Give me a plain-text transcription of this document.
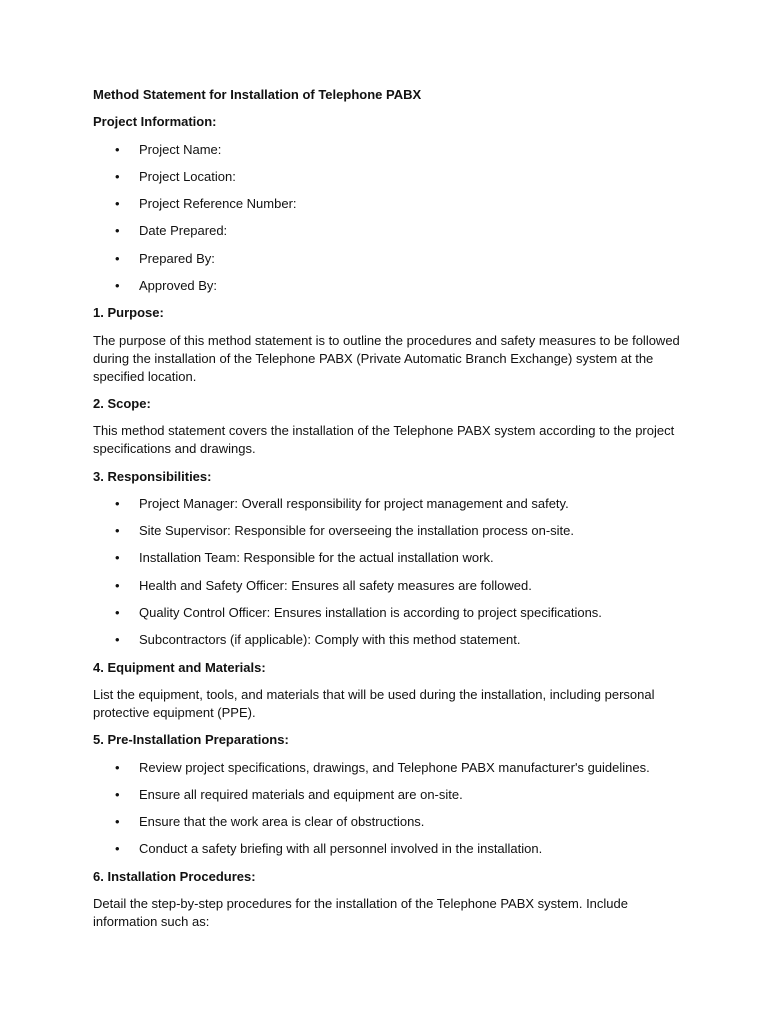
Method Statement for Installation of Telephone PABX
Project Information:
• Project Name:
• Project Location:
• Project Reference Number:
• Date Prepared:
• Prepared By:
• Approved By:
1. Purpose:
The purpose of this method statement is to outline the procedures and safety measures to be followed during the installation of the Telephone PABX (Private Automatic Branch Exchange) system at the specified location.
2. Scope:
This method statement covers the installation of the Telephone PABX system according to the project specifications and drawings.
3. Responsibilities:
• Project Manager: Overall responsibility for project management and safety.
• Site Supervisor: Responsible for overseeing the installation process on-site.
• Installation Team: Responsible for the actual installation work.
• Health and Safety Officer: Ensures all safety measures are followed.
• Quality Control Officer: Ensures installation is according to project specifications.
• Subcontractors (if applicable): Comply with this method statement.
4. Equipment and Materials:
List the equipment, tools, and materials that will be used during the installation, including personal protective equipment (PPE).
5. Pre-Installation Preparations:
• Review project specifications, drawings, and Telephone PABX manufacturer's guidelines.
• Ensure all required materials and equipment are on-site.
• Ensure that the work area is clear of obstructions.
• Conduct a safety briefing with all personnel involved in the installation.
6. Installation Procedures:
Detail the step-by-step procedures for the installation of the Telephone PABX system. Include information such as:
